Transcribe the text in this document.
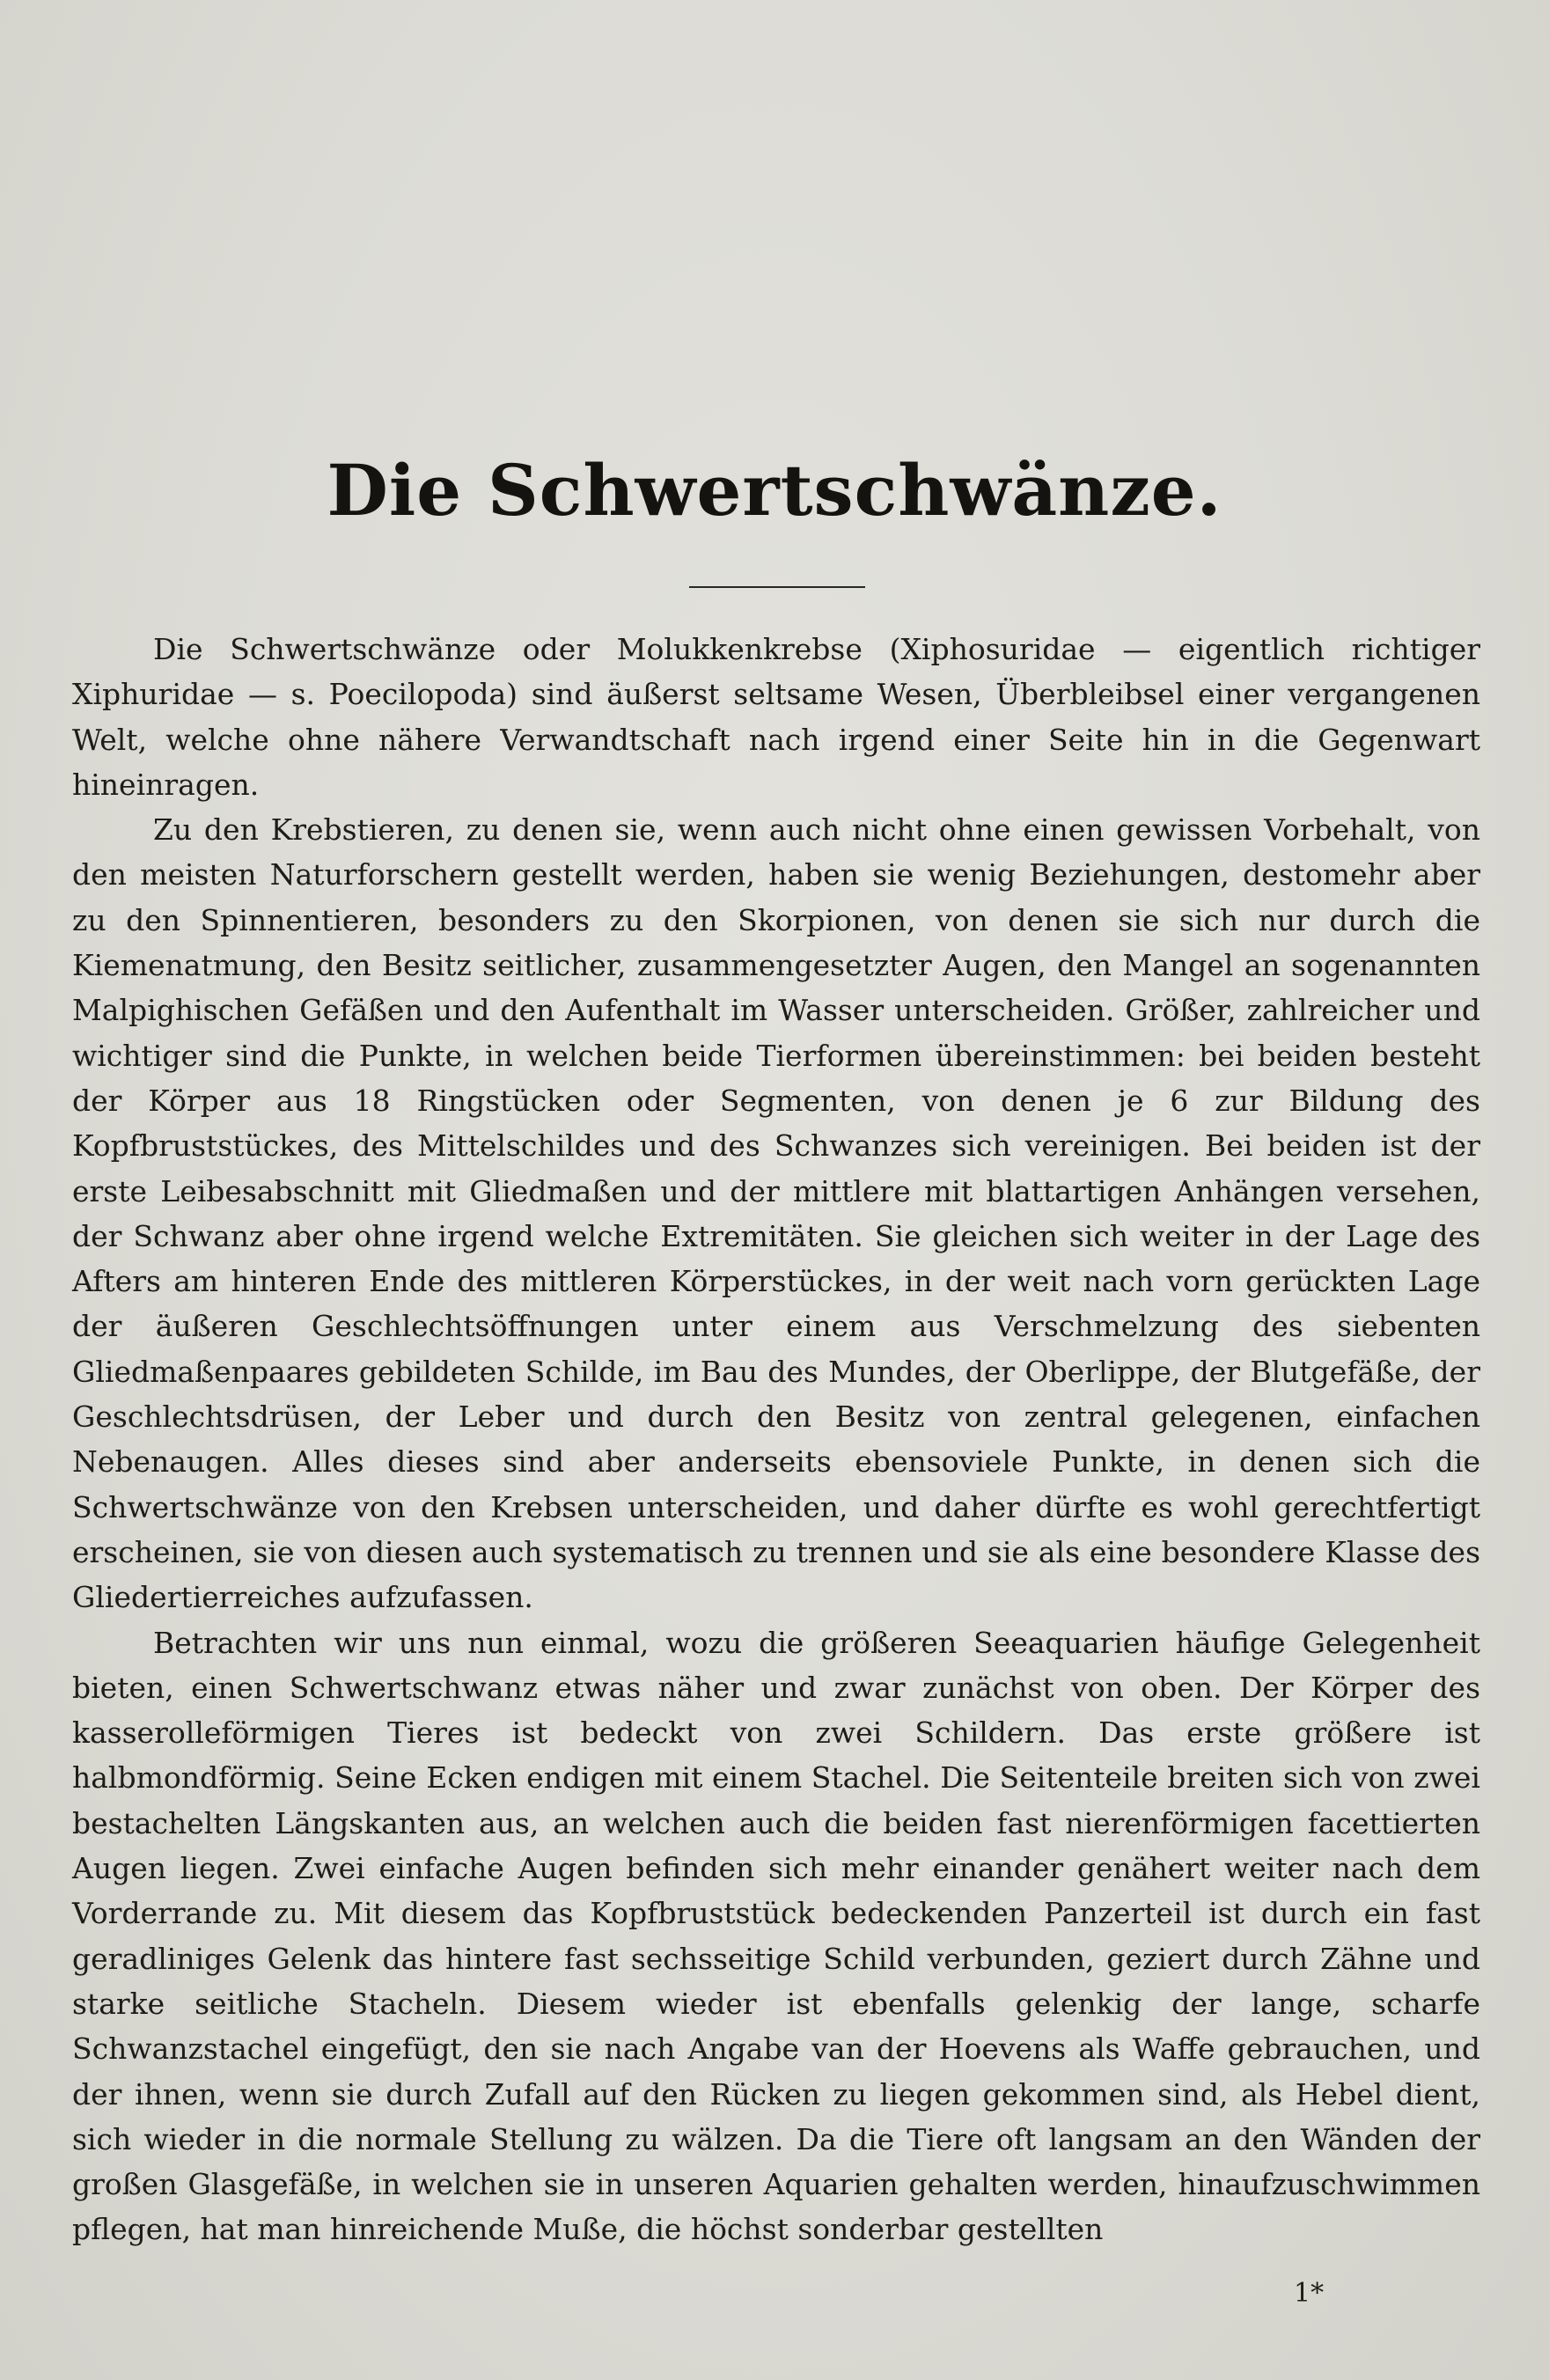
Die Schwertschwänze.

Die Schwertschwänze oder Molukkenkrebse (Xiphosuridae — eigentlich richtiger Xiphuridae — s. Poecilopoda) sind äußerst seltsame Wesen, Überbleibsel einer vergangenen Welt, welche ohne nähere Verwandtschaft nach irgend einer Seite hin in die Gegenwart hineinragen.

Zu den Krebstieren, zu denen sie, wenn auch nicht ohne einen gewissen Vorbehalt, von den meisten Naturforschern gestellt werden, haben sie wenig Beziehungen, destomehr aber zu den Spinnentieren, besonders zu den Skorpionen, von denen sie sich nur durch die Kiemenatmung, den Besitz seitlicher, zusammengesetzter Augen, den Mangel an sogenannten Malpighischen Gefäßen und den Aufenthalt im Wasser unterscheiden. Größer, zahlreicher und wichtiger sind die Punkte, in welchen beide Tierformen übereinstimmen: bei beiden besteht der Körper aus 18 Ringstücken oder Segmenten, von denen je 6 zur Bildung des Kopfbruststückes, des Mittelschildes und des Schwanzes sich vereinigen. Bei beiden ist der erste Leibesabschnitt mit Gliedmaßen und der mittlere mit blattartigen Anhängen versehen, der Schwanz aber ohne irgend welche Extremitäten. Sie gleichen sich weiter in der Lage des Afters am hinteren Ende des mittleren Körperstückes, in der weit nach vorn gerückten Lage der äußeren Geschlechtsöffnungen unter einem aus Verschmelzung des siebenten Gliedmaßenpaares gebildeten Schilde, im Bau des Mundes, der Oberlippe, der Blutgefäße, der Geschlechtsdrüsen, der Leber und durch den Besitz von zentral gelegenen, einfachen Nebenaugen. Alles dieses sind aber anderseits ebensoviele Punkte, in denen sich die Schwertschwänze von den Krebsen unterscheiden, und daher dürfte es wohl gerechtfertigt erscheinen, sie von diesen auch systematisch zu trennen und sie als eine besondere Klasse des Gliedertierreiches aufzufassen.

Betrachten wir uns nun einmal, wozu die größeren Seeaquarien häufige Gelegenheit bieten, einen Schwertschwanz etwas näher und zwar zunächst von oben. Der Körper des kasserolleförmigen Tieres ist bedeckt von zwei Schildern. Das erste größere ist halbmondförmig. Seine Ecken endigen mit einem Stachel. Die Seitenteile breiten sich von zwei bestachelten Längskanten aus, an welchen auch die beiden fast nierenförmigen facettierten Augen liegen. Zwei einfache Augen befinden sich mehr einander genähert weiter nach dem Vorderrande zu. Mit diesem das Kopfbruststück bedeckenden Panzerteil ist durch ein fast geradliniges Gelenk das hintere fast sechsseitige Schild verbunden, geziert durch Zähne und starke seitliche Stacheln. Diesem wieder ist ebenfalls gelenkig der lange, scharfe Schwanzstachel eingefügt, den sie nach Angabe van der Hoevens als Waffe gebrauchen, und der ihnen, wenn sie durch Zufall auf den Rücken zu liegen gekommen sind, als Hebel dient, sich wieder in die normale Stellung zu wälzen. Da die Tiere oft langsam an den Wänden der großen Glasgefäße, in welchen sie in unseren Aquarien gehalten werden, hinaufzuschwimmen pflegen, hat man hinreichende Muße, die höchst sonderbar gestellten

1*
